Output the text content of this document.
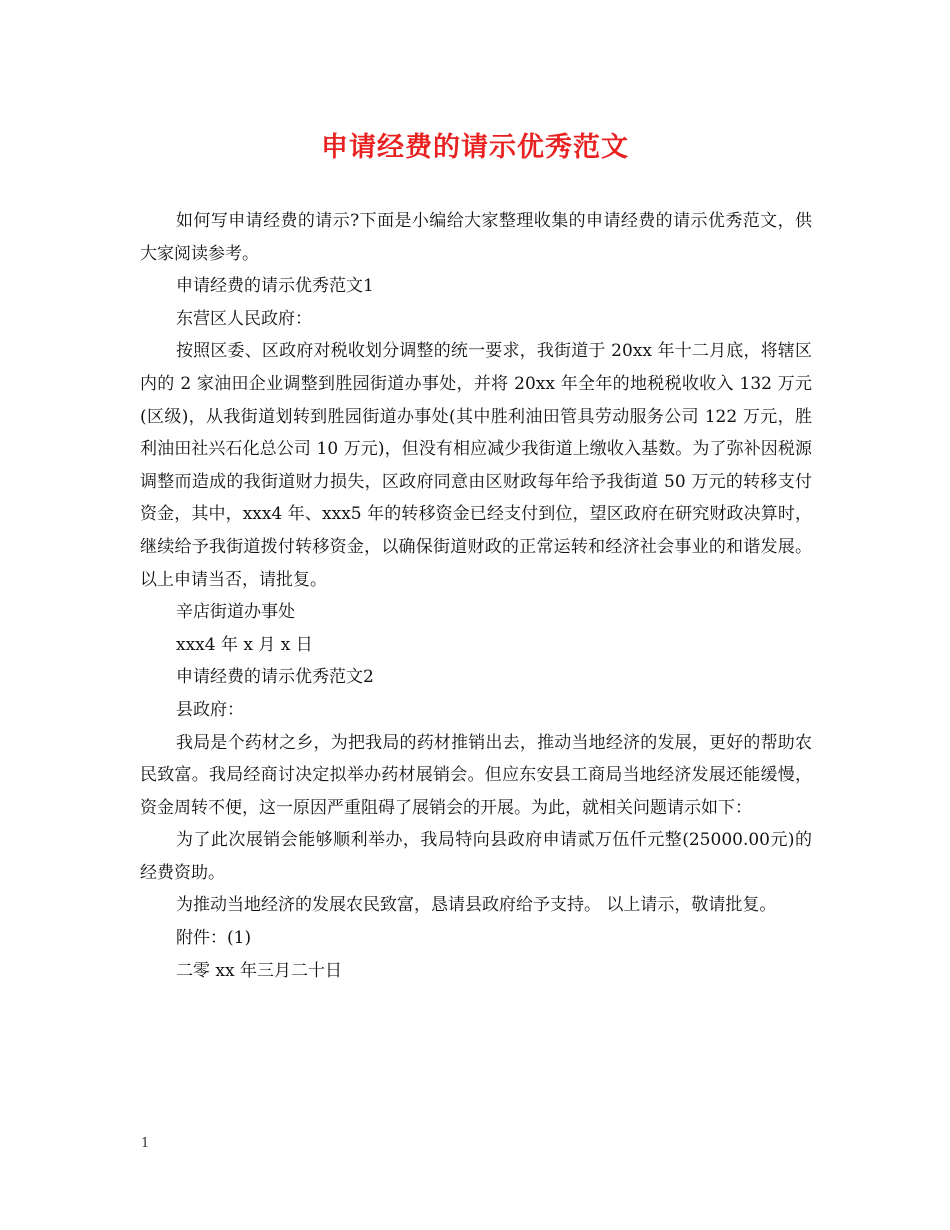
申请经费的请示优秀范文

如何写申请经费的请示?下面是小编给大家整理收集的申请经费的请示优秀范文，供大家阅读参考。

申请经费的请示优秀范文1

东营区人民政府：

按照区委、区政府对税收划分调整的统一要求，我街道于 20xx 年十二月底，将辖区内的 2 家油田企业调整到胜园街道办事处，并将 20xx 年全年的地税税收收入 132 万元(区级)，从我街道划转到胜园街道办事处(其中胜利油田管具劳动服务公司 122 万元，胜利油田社兴石化总公司 10 万元)，但没有相应减少我街道上缴收入基数。为了弥补因税源调整而造成的我街道财力损失，区政府同意由区财政每年给予我街道 50 万元的转移支付资金，其中，xxx4 年、xxx5 年的转移资金已经支付到位，望区政府在研究财政决算时，继续给予我街道拨付转移资金，以确保街道财政的正常运转和经济社会事业的和谐发展。以上申请当否，请批复。

辛店街道办事处

xxx4 年 x 月 x 日

申请经费的请示优秀范文2

县政府：

我局是个药材之乡，为把我局的药材推销出去，推动当地经济的发展，更好的帮助农民致富。我局经商讨决定拟举办药材展销会。但应东安县工商局当地经济发展还能缓慢，资金周转不便，这一原因严重阻碍了展销会的开展。为此，就相关问题请示如下：

为了此次展销会能够顺利举办，我局特向县政府申请贰万伍仟元整(25000.00元)的经费资助。

为推动当地经济的发展农民致富，恳请县政府给予支持。 以上请示，敬请批复。

附件：(1)

二零 xx 年三月二十日

1
